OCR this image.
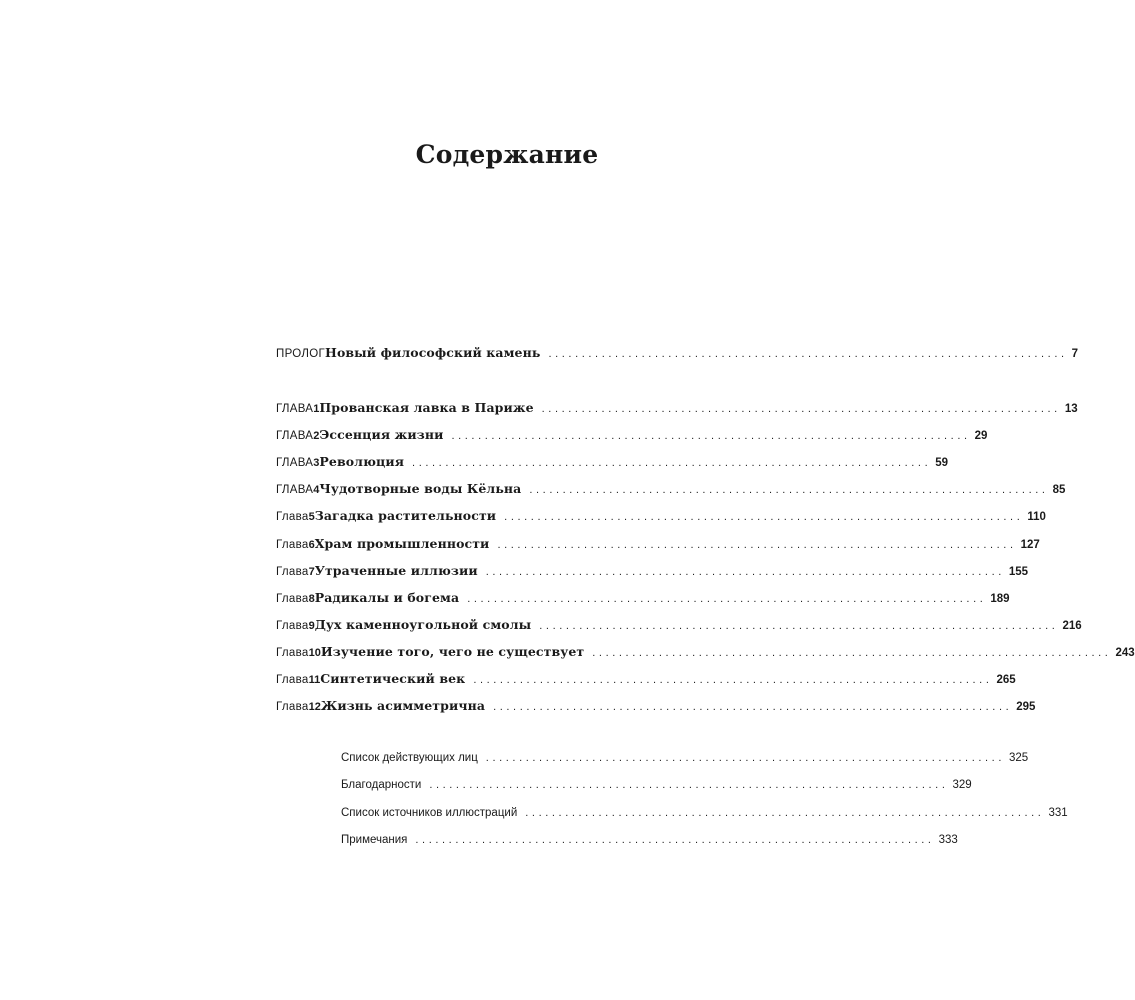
Содержание
ПРОЛОГ Новый философский камень .............................................................................. 7
ГЛАВА 1 Прованская лавка в Париже .............................................................................. 13
ГЛАВА 2 Эссенция жизни .............................................................................. 29
ГЛАВА 3 Революция .............................................................................. 59
ГЛАВА 4 Чудотворные воды Кёльна .............................................................................. 85
Глава 5 Загадка растительности .............................................................................. 110
Глава 6 Храм промышленности .............................................................................. 127
Глава 7 Утраченные иллюзии .............................................................................. 155
Глава 8 Радикалы и богема .............................................................................. 189
Глава 9 Дух каменноугольной смолы .............................................................................. 216
Глава 10 Изучение того, чего не существует .............................................................................. 243
Глава 11 Синтетический век .............................................................................. 265
Глава 12 Жизнь асимметрична .............................................................................. 295
Список действующих лиц .............................................................................. 325
Благодарности .............................................................................. 329
Список источников иллюстраций .............................................................................. 331
Примечания .............................................................................. 333
